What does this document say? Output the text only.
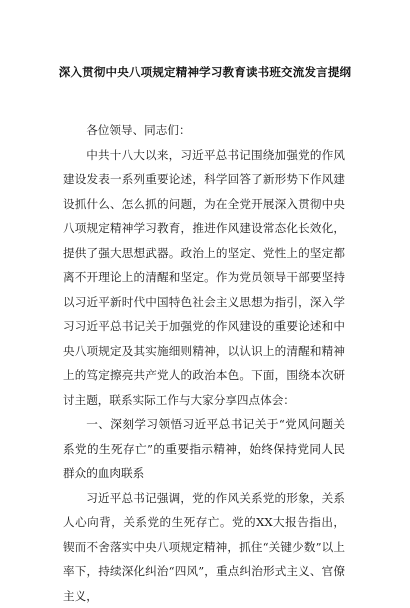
深入贯彻中央八项规定精神学习教育读书班交流发言提纲

各位领导、同志们：

中共十八大以来，习近平总书记围绕加强党的作风建设发表一系列重要论述，科学回答了新形势下作风建设抓什么、怎么抓的问题，为在全党开展深入贯彻中央八项规定精神学习教育，推进作风建设常态化长效化，提供了强大思想武器。政治上的坚定、党性上的坚定都离不开理论上的清醒和坚定。作为党员领导干部要坚持以习近平新时代中国特色社会主义思想为指引，深入学习习近平总书记关于加强党的作风建设的重要论述和中央八项规定及其实施细则精神，以认识上的清醒和精神上的笃定擦亮共产党人的政治本色。下面，围绕本次研讨主题，联系实际工作与大家分享四点体会：

一、深刻学习领悟习近平总书记关于“党风问题关系党的生死存亡”的重要指示精神，始终保持党同人民群众的血肉联系

习近平总书记强调，党的作风关系党的形象，关系人心向背，关系党的生死存亡。党的XX大报告指出，锲而不舍落实中央八项规定精神，抓住“关键少数”以上率下，持续深化纠治“四风”，重点纠治形式主义、官僚主义，
